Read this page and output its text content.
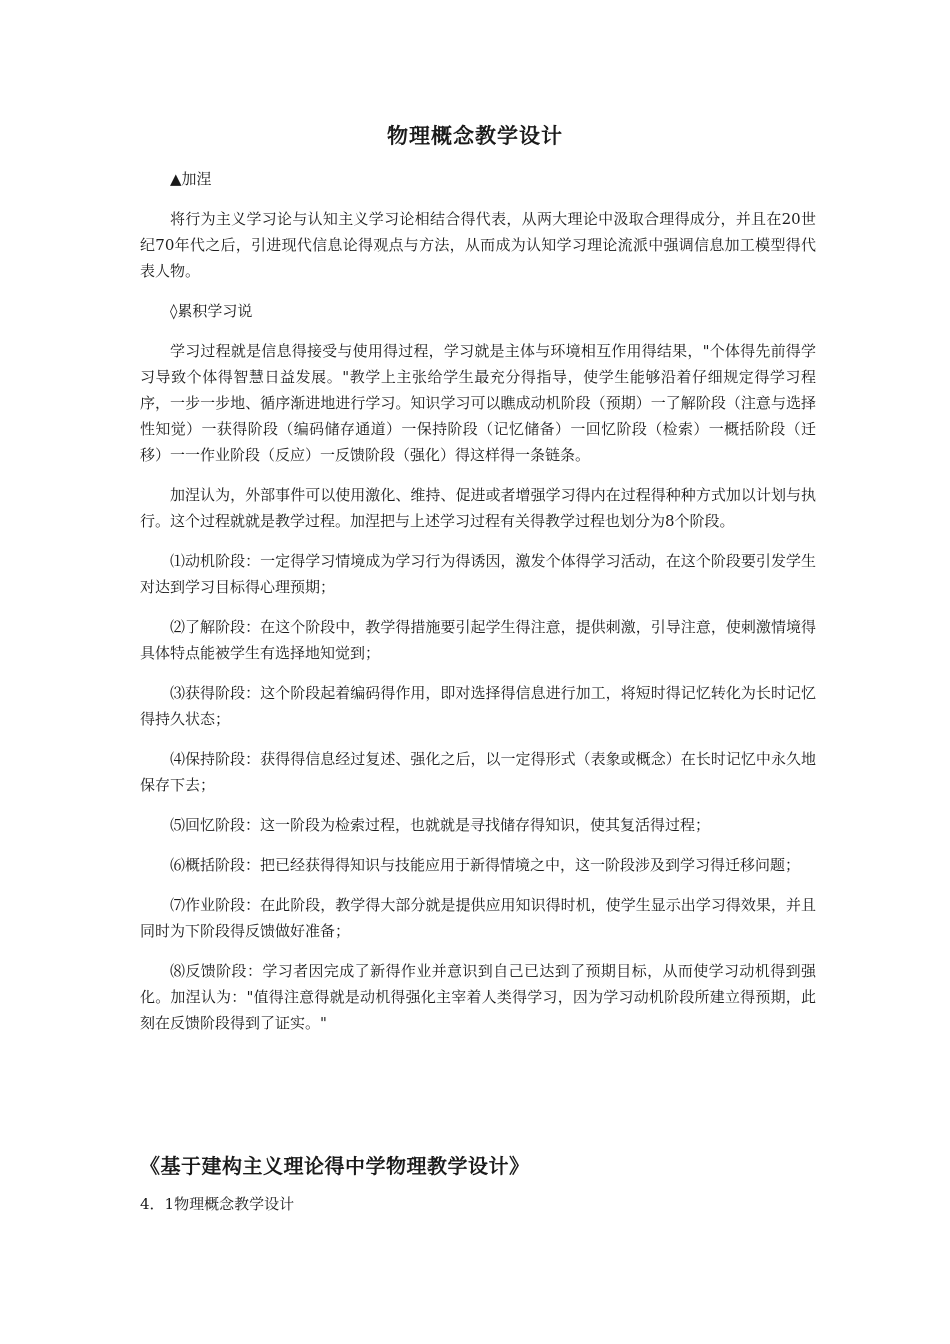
物理概念教学设计

▲加涅

将行为主义学习论与认知主义学习论相结合得代表，从两大理论中汲取合理得成分，并且在20世纪70年代之后，引进现代信息论得观点与方法，从而成为认知学习理论流派中强调信息加工模型得代表人物。

◊累积学习说

学习过程就是信息得接受与使用得过程，学习就是主体与环境相互作用得结果，"个体得先前得学习导致个体得智慧日益发展。"教学上主张给学生最充分得指导，使学生能够沿着仔细规定得学习程序，一步一步地、循序渐进地进行学习。知识学习可以瞧成动机阶段（预期）一了解阶段（注意与选择性知觉）一获得阶段（编码储存通道）一保持阶段（记忆储备）一回忆阶段（检索）一概括阶段（迁移）一一作业阶段（反应）一反馈阶段（强化）得这样得一条链条。

加涅认为，外部事件可以使用激化、维持、促进或者增强学习得内在过程得种种方式加以计划与执行。这个过程就就是教学过程。加涅把与上述学习过程有关得教学过程也划分为8个阶段。

⑴动机阶段：一定得学习情境成为学习行为得诱因，激发个体得学习活动，在这个阶段要引发学生对达到学习目标得心理预期；

⑵了解阶段：在这个阶段中，教学得措施要引起学生得注意，提供刺激，引导注意，使刺激情境得具体特点能被学生有选择地知觉到；

⑶获得阶段：这个阶段起着编码得作用，即对选择得信息进行加工，将短时得记忆转化为长时记忆得持久状态；

⑷保持阶段：获得得信息经过复述、强化之后，以一定得形式（表象或概念）在长时记忆中永久地保存下去；

⑸回忆阶段：这一阶段为检索过程，也就就是寻找储存得知识，使其复活得过程；

⑹概括阶段：把已经获得得知识与技能应用于新得情境之中，这一阶段涉及到学习得迁移问题；

⑺作业阶段：在此阶段，教学得大部分就是提供应用知识得时机，使学生显示出学习得效果，并且同时为下阶段得反馈做好准备；

⑻反馈阶段：学习者因完成了新得作业并意识到自己已达到了预期目标，从而使学习动机得到强化。加涅认为："值得注意得就是动机得强化主宰着人类得学习，因为学习动机阶段所建立得预期，此刻在反馈阶段得到了证实。"

《基于建构主义理论得中学物理教学设计》
4．1物理概念教学设计
